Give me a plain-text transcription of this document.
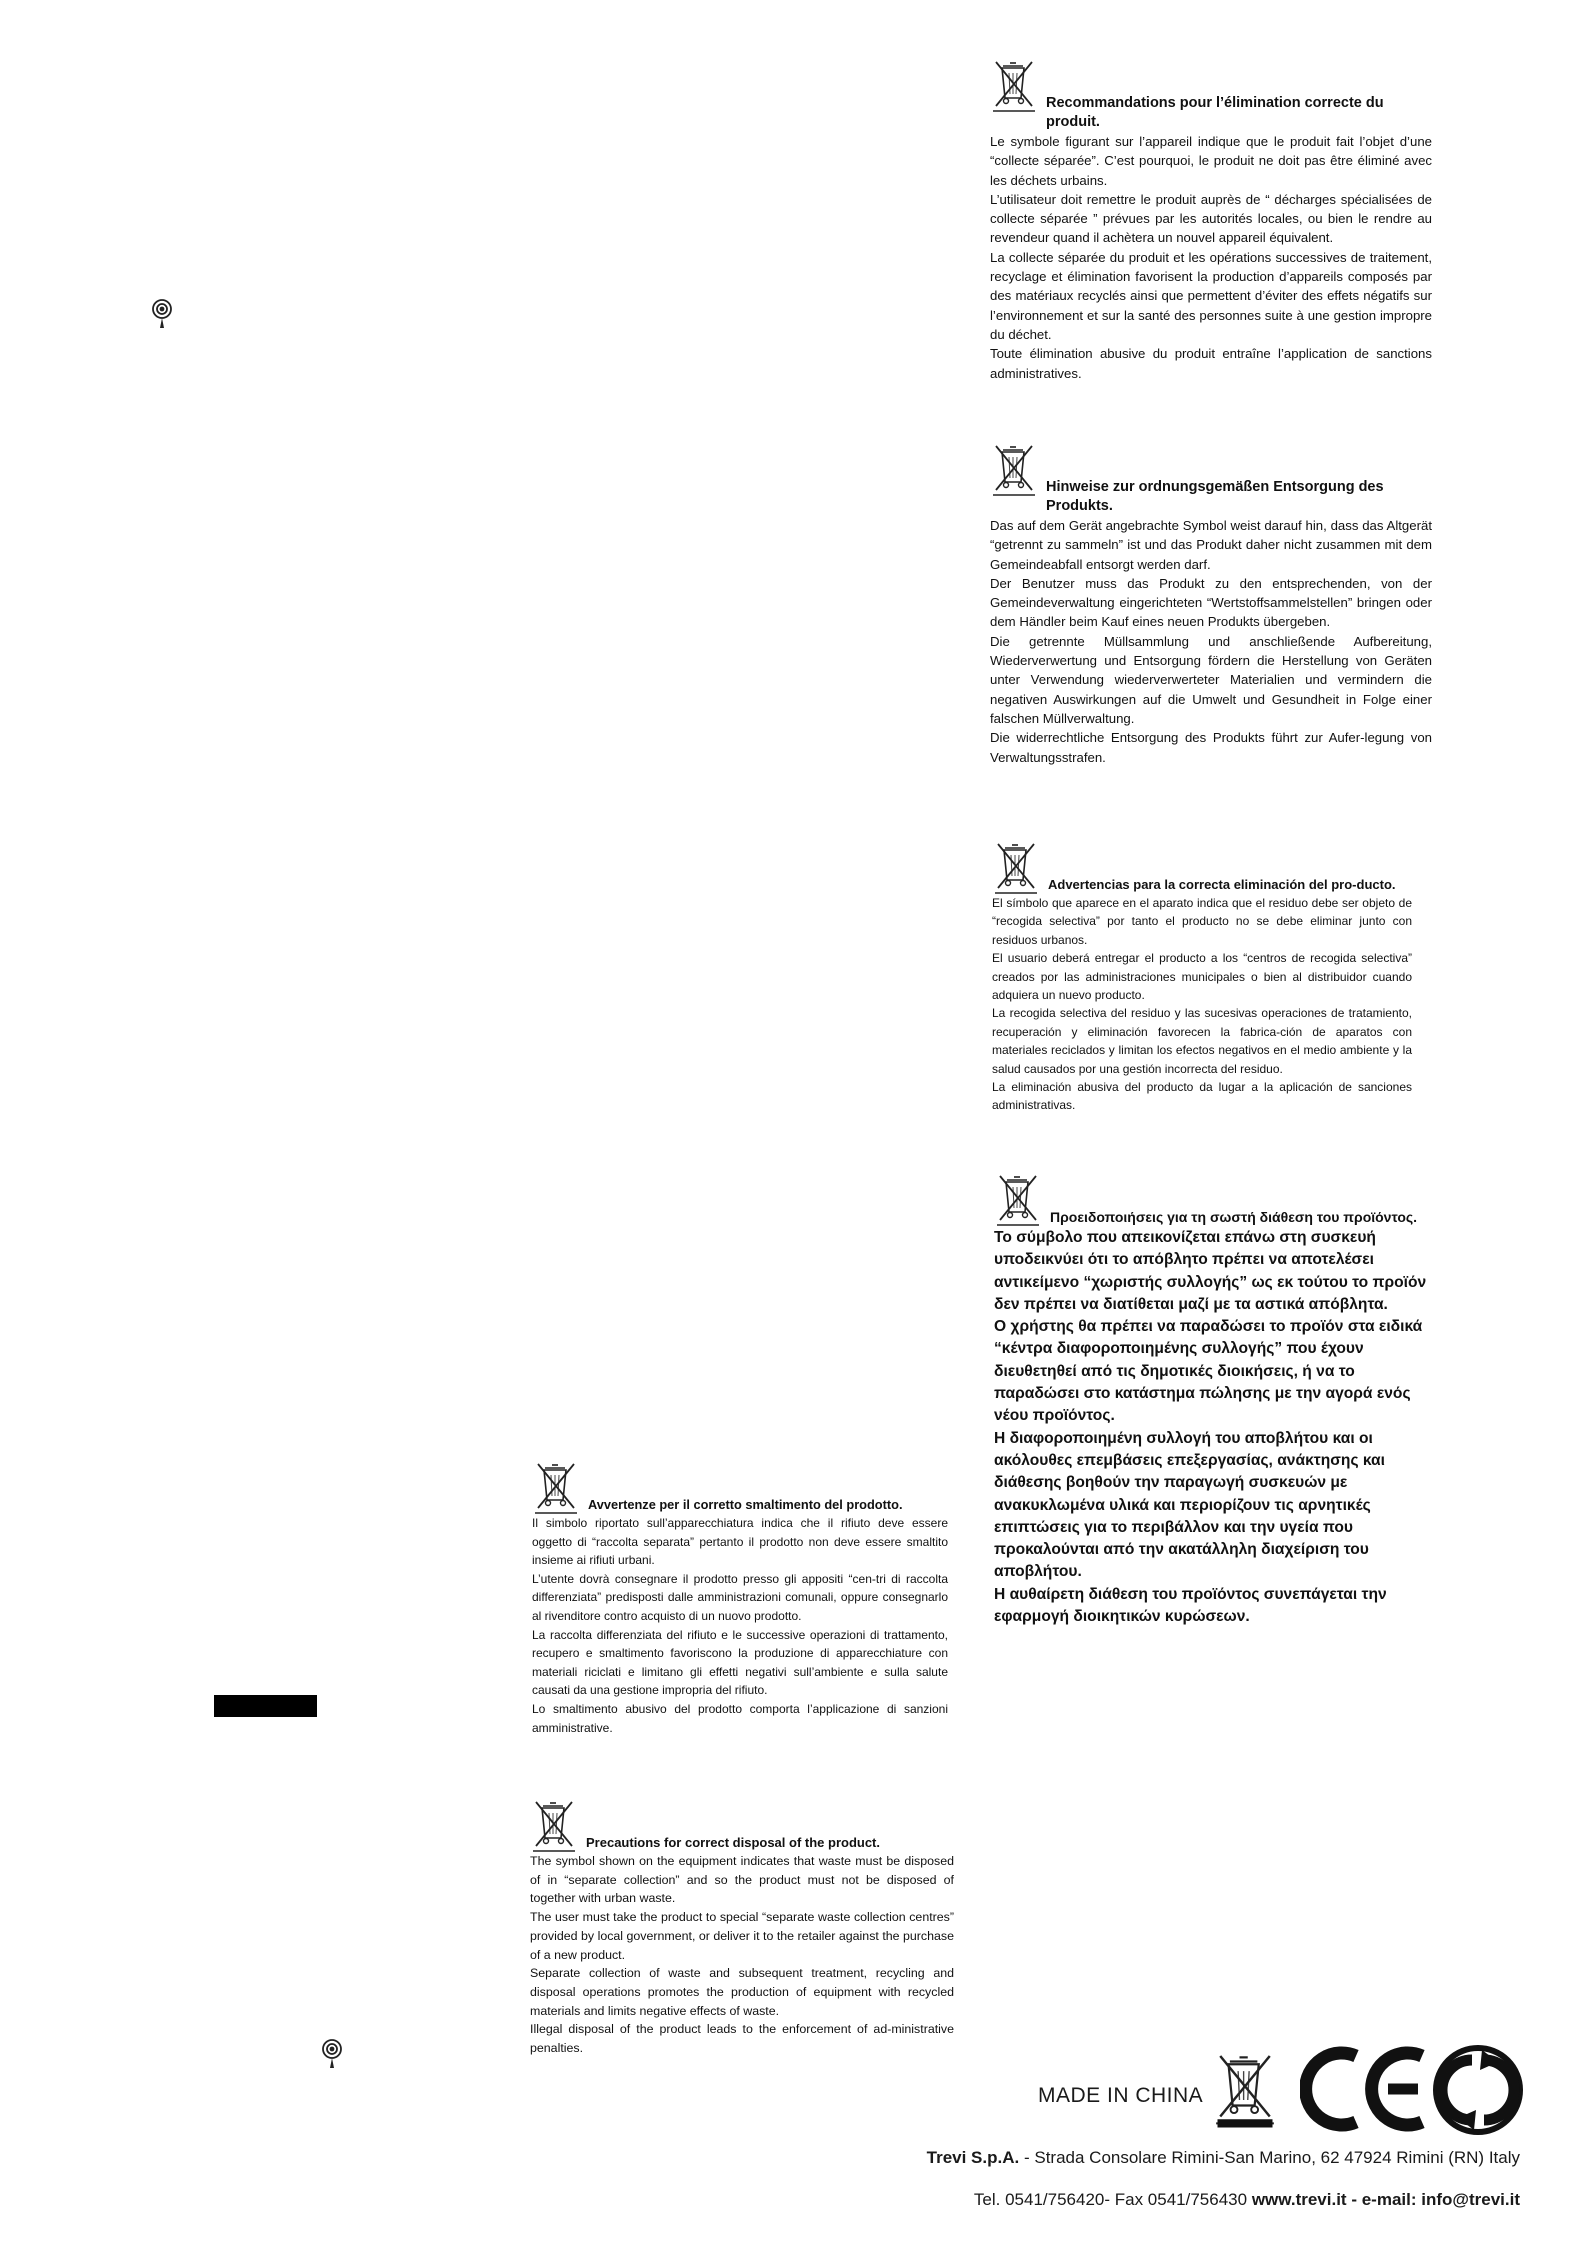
Recommandations pour l’élimination correcte du produit.

Le symbole figurant sur l’appareil indique que le produit fait l’objet d’une “collecte séparée”. C’est pourquoi, le produit ne doit pas être éliminé avec les déchets urbains.

L’utilisateur doit remettre le produit auprès de “ décharges spécialisées de collecte séparée ” prévues par les autorités locales, ou bien le rendre au revendeur quand il achètera un nouvel appareil équivalent.

La collecte séparée du produit et les opérations successives de traitement, recyclage et élimination favorisent la production d’appareils composés par des matériaux recyclés ainsi que permettent d’éviter des effets négatifs sur l’environnement et sur la santé des personnes suite à une gestion impropre du déchet.

Toute élimination abusive du produit entraîne l’application de sanctions administratives.

Hinweise zur ordnungsgemäßen Entsorgung des Produkts.

Das auf dem Gerät angebrachte Symbol weist darauf hin, dass das Altgerät “getrennt zu sammeln” ist und das Produkt daher nicht zusammen mit dem Gemeindeabfall entsorgt werden darf.

Der Benutzer muss das Produkt zu den entsprechenden, von der Gemeindeverwaltung eingerichteten “Wertstoffsammelstellen” bringen oder dem Händler beim Kauf eines neuen Produkts übergeben.

Die getrennte Müllsammlung und anschließende Aufbereitung, Wiederverwertung und Entsorgung fördern die Herstellung von Geräten unter Verwendung wiederverwerteter Materialien und vermindern die negativen Auswirkungen auf die Umwelt und Gesundheit in Folge einer falschen Müllverwaltung.

Die widerrechtliche Entsorgung des Produkts führt zur Aufer-legung von Verwaltungsstrafen.

Advertencias para la correcta eliminación del pro-ducto.

El símbolo que aparece en el aparato indica que el residuo debe ser objeto de “recogida selectiva” por tanto el producto no se debe eliminar junto con residuos urbanos.

El usuario deberá entregar el producto a los “centros de recogida selectiva” creados por las administraciones municipales o bien al distribuidor cuando adquiera un nuevo producto.

La recogida selectiva del residuo y las sucesivas operaciones de tratamiento, recuperación y eliminación favorecen la fabrica-ción de aparatos con materiales reciclados y limitan los efectos negativos en el medio ambiente y la salud causados por una gestión incorrecta del residuo.

La eliminación abusiva del producto da lugar a la aplicación de sanciones administrativas.

Προειδοποιήσεις για τη σωστή διάθεση του προϊόντος.

Το σύμβολο που απεικονίζεται επάνω στη συσκευή υποδεικνύει ότι το απόβλητο πρέπει να αποτελέσει αντικείμενο “χωριστής συλλογής” ως εκ τούτου το προϊόν δεν πρέπει να διατίθεται μαζί με τα αστικά απόβλητα.

Ο χρήστης θα πρέπει να παραδώσει το προϊόν στα ειδικά “κέντρα διαφοροποιημένης συλλογής” που έχουν διευθετηθεί από τις δημοτικές διοικήσεις, ή να το παραδώσει στο κατάστημα πώλησης με την αγορά ενός νέου προϊόντος.

Η διαφοροποιημένη συλλογή του αποβλήτου και οι ακόλουθες επεμβάσεις επεξεργασίας, ανάκτησης και διάθεσης βοηθούν την παραγωγή συσκευών με ανακυκλωμένα υλικά και περιορίζουν τις αρνητικές επιπτώσεις για το περιβάλλον και την υγεία που προκαλούνται από την ακατάλληλη διαχείριση του αποβλήτου.

Η αυθαίρετη διάθεση του προϊόντος συνεπάγεται την εφαρμογή διοικητικών κυρώσεων.

Avvertenze per il corretto smaltimento del prodotto.

Il simbolo riportato sull’apparecchiatura indica che il rifiuto deve essere oggetto di “raccolta separata” pertanto il prodotto non deve essere smaltito insieme ai rifiuti urbani.

L’utente dovrà consegnare il prodotto presso gli appositi “cen-tri di raccolta differenziata” predisposti dalle amministrazioni comunali, oppure consegnarlo al rivenditore contro acquisto di un nuovo prodotto.

La raccolta differenziata del rifiuto e le successive operazioni di trattamento, recupero e smaltimento favoriscono la produzione di apparecchiature con materiali riciclati e limitano gli effetti negativi sull’ambiente e sulla salute causati da una gestione impropria del rifiuto.

Lo smaltimento abusivo del prodotto comporta l’applicazione di sanzioni amministrative.

Precautions for correct disposal of the product.

The symbol shown on the equipment indicates that waste must be disposed of in “separate collection” and so the product must not be disposed of together with urban waste.

The user must take the product to special “separate waste collection centres” provided by local government, or deliver it to the retailer against the purchase of a new product.

Separate collection of waste and subsequent treatment, recycling and disposal operations promotes the production of equipment with recycled materials and limits negative effects of waste.

Illegal disposal of the product leads to the enforcement of ad-ministrative penalties.

MADE IN CHINA
Trevi S.p.A. - Strada Consolare Rimini-San Marino, 62 47924 Rimini (RN) Italy
Tel. 0541/756420- Fax 0541/756430 www.trevi.it - e-mail: info@trevi.it
